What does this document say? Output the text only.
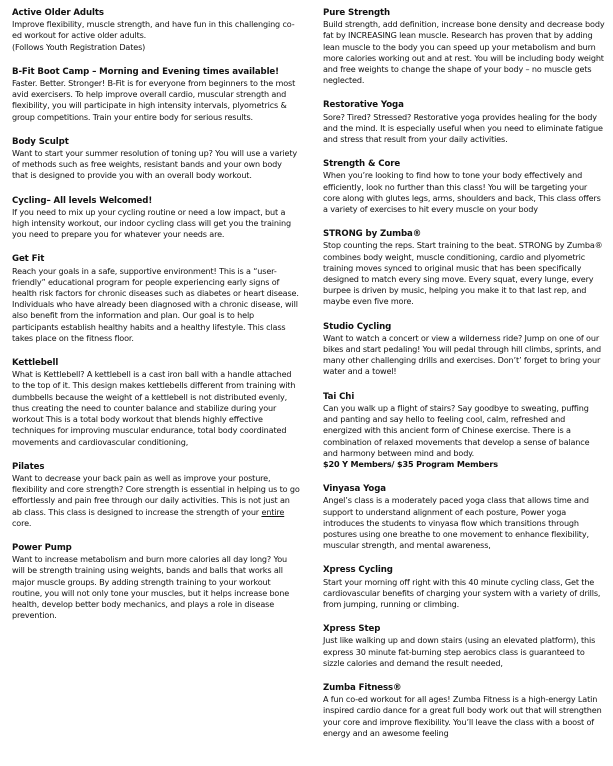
Active Older Adults

Improve flexibility, muscle strength, and have fun in this challenging co-ed workout for active older adults.

(Follows Youth Registration Dates)

B-Fit Boot Camp – Morning and Evening times available!

Faster. Better. Stronger! B-Fit is for everyone from beginners to the most avid exercisers. To help improve overall cardio, muscular strength and flexibility, you will participate in high intensity intervals, plyometrics & group competitions. Train your entire body for serious results.

Body Sculpt

Want to start your summer resolution of toning up? You will use a variety of methods such as free weights, resistant bands and your own body that is designed to provide you with an overall body workout.

Cycling– All levels Welcomed!

If you need to mix up your cycling routine or need a low impact, but a high intensity workout, our indoor cycling class will get you the training you need to prepare you for whatever your needs are.

Get Fit

Reach your goals in a safe, supportive environment! This is a “user-friendly” educational program for people experiencing early signs of health risk factors for chronic diseases such as diabetes or heart disease. Individuals who have already been diagnosed with a chronic disease, will also benefit from the information and plan. Our goal is to help participants establish healthy habits and a healthy lifestyle. This class takes place on the fitness floor.

Kettlebell

What is Kettlebell? A kettlebell is a cast iron ball with a handle attached to the top of it. This design makes kettlebells different from training with dumbbells because the weight of a kettlebell is not distributed evenly, thus creating the need to counter balance and stabilize during your workout This is a total body workout that blends highly effective techniques for improving muscular endurance, total body coordinated movements and cardiovascular conditioning,

Pilates

Want to decrease your back pain as well as improve your posture, flexibility and core strength? Core strength is essential in helping us to go effortlessly and pain free through our daily activities. This is not just an ab class. This class is designed to increase the strength of your entire core.

Power Pump

Want to increase metabolism and burn more calories all day long? You will be strength training using weights, bands and balls that works all major muscle groups. By adding strength training to your workout routine, you will not only tone your muscles, but it helps increase bone health, develop better body mechanics, and plays a role in disease prevention.

Pure Strength

Build strength, add definition, increase bone density and decrease body fat by INCREASING lean muscle. Research has proven that by adding lean muscle to the body you can speed up your metabolism and burn more calories working out and at rest. You will be including body weight and free weights to change the shape of your body – no muscle gets neglected.

Restorative Yoga

Sore? Tired? Stressed? Restorative yoga provides healing for the body and the mind. It is especially useful when you need to eliminate fatigue and stress that result from your daily activities.

Strength & Core

When you’re looking to find how to tone your body effectively and efficiently, look no further than this class! You will be targeting your core along with glutes legs, arms, shoulders and back, This class offers a variety of exercises to hit every muscle on your body

STRONG by Zumba®

Stop counting the reps. Start training to the beat. STRONG by Zumba® combines body weight, muscle conditioning, cardio and plyometric training moves synced to original music that has been specifically designed to match every sing move. Every squat, every lunge, every burpee is driven by music, helping you make it to that last rep, and maybe even five more.

Studio Cycling

Want to watch a concert or view a wilderness ride? Jump on one of our bikes and start pedaling! You will pedal through hill climbs, sprints, and many other challenging drills and exercises. Don’t’ forget to bring your water and a towel!

Tai Chi

Can you walk up a flight of stairs? Say goodbye to sweating, puffing and panting and say hello to feeling cool, calm, refreshed and energized with this ancient form of Chinese exercise. There is a combination of relaxed movements that develop a sense of balance and harmony between mind and body.

$20 Y Members/ $35 Program Members

Vinyasa Yoga

Angel’s class is a moderately paced yoga class that allows time and support to understand alignment of each posture, Power yoga introduces the students to vinyasa flow which transitions through postures using one breathe to one movement to enhance flexibility, muscular strength, and mental awareness,

Xpress Cycling

Start your morning off right with this 40 minute cycling class, Get the cardiovascular benefits of charging your system with a variety of drills, from jumping, running or climbing.

Xpress Step

Just like walking up and down stairs (using an elevated platform), this express 30 minute fat-burning step aerobics class is guaranteed to sizzle calories and demand the result needed,

Zumba Fitness®

A fun co-ed workout for all ages! Zumba Fitness is a high-energy Latin inspired cardio dance for a great full body work out that will strengthen your core and improve flexibility. You’ll leave the class with a boost of energy and an awesome feeling
